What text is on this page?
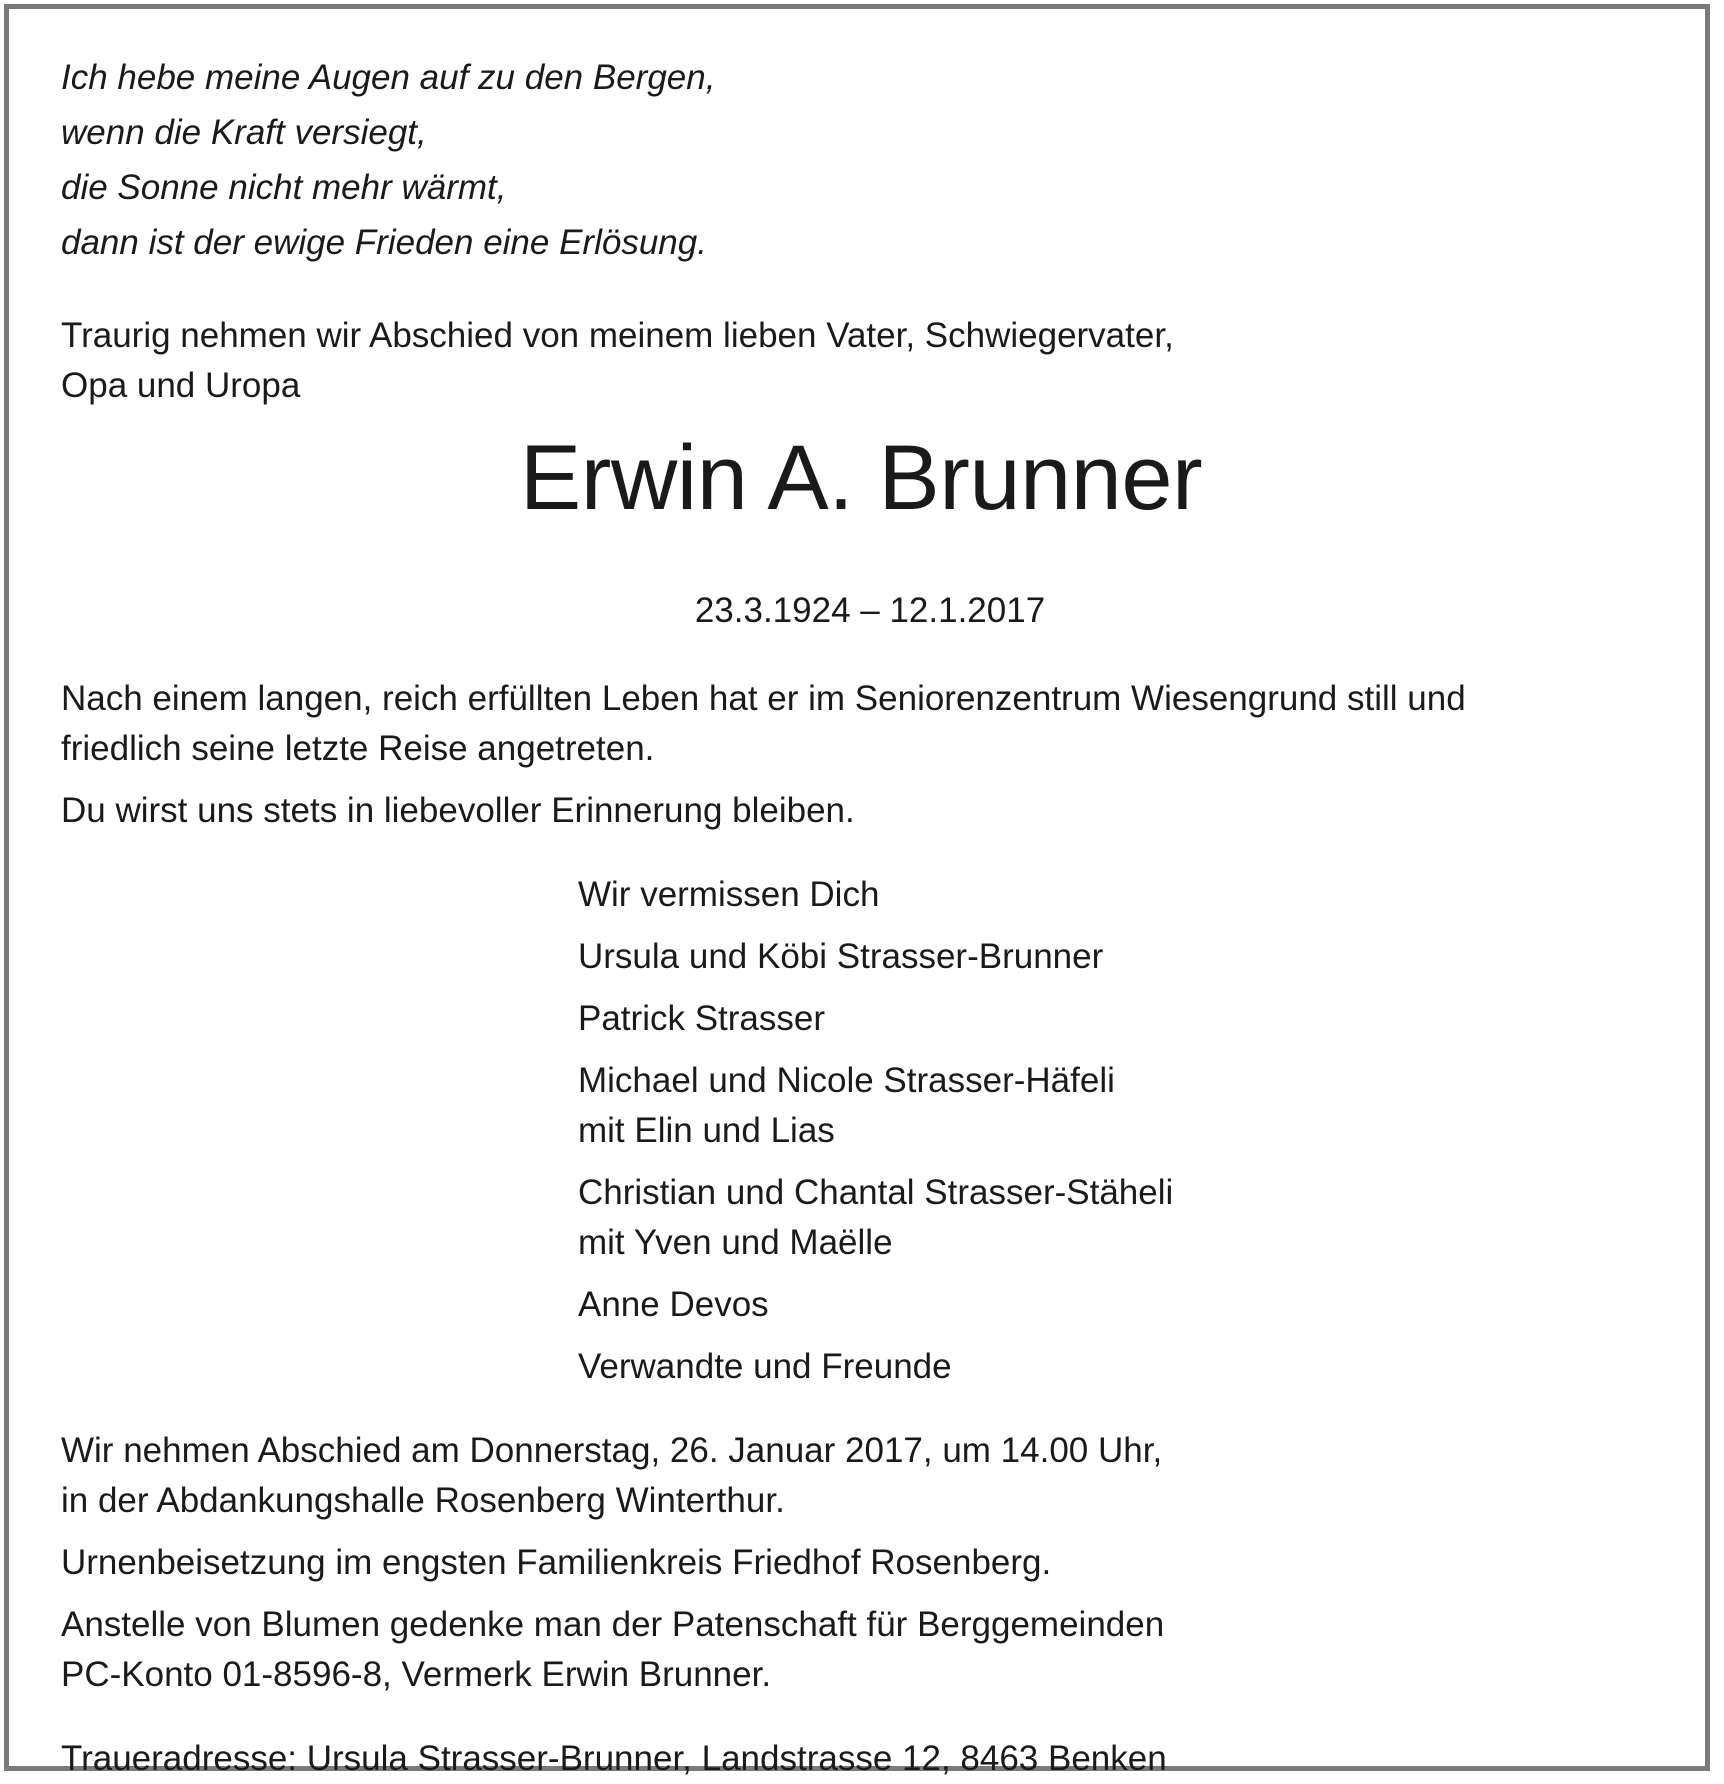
Ich hebe meine Augen auf zu den Bergen,

wenn die Kraft versiegt,

die Sonne nicht mehr wärmt,

dann ist der ewige Frieden eine Erlösung.

Traurig nehmen wir Abschied von meinem lieben Vater, Schwiegervater,

Opa und Uropa

Erwin A. Brunner

23.3.1924 – 12.1.2017

Nach einem langen, reich erfüllten Leben hat er im Seniorenzentrum Wiesengrund still und

friedlich seine letzte Reise angetreten.

Du wirst uns stets in liebevoller Erinnerung bleiben.

Wir vermissen Dich

Ursula und Köbi Strasser-Brunner

Patrick Strasser

Michael und Nicole Strasser-Häfeli

mit Elin und Lias

Christian und Chantal Strasser-Stäheli

mit Yven und Maëlle

Anne Devos

Verwandte und Freunde

Wir nehmen Abschied am Donnerstag, 26. Januar 2017, um 14.00 Uhr,

in der Abdankungshalle Rosenberg Winterthur.

Urnenbeisetzung im engsten Familienkreis Friedhof Rosenberg.

Anstelle von Blumen gedenke man der Patenschaft für Berggemeinden

PC-Konto 01-8596-8, Vermerk Erwin Brunner.

Traueradresse: Ursula Strasser-Brunner, Landstrasse 12, 8463 Benken
